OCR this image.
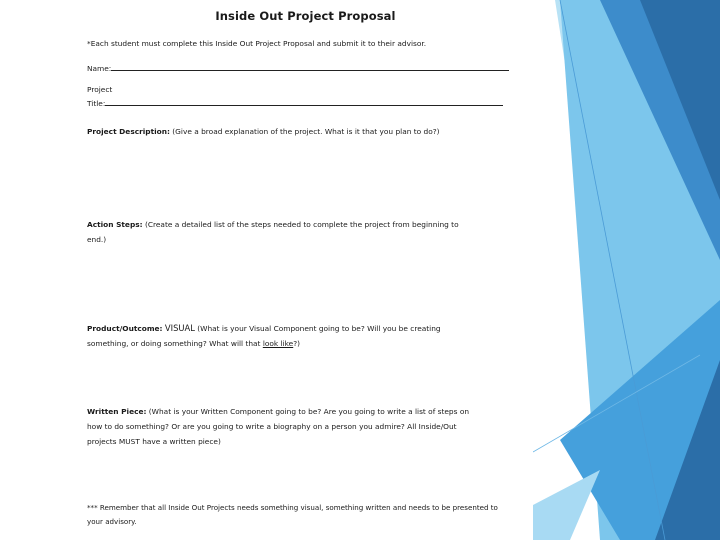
Inside Out Project Proposal
*Each student must complete this Inside Out Project Proposal and submit it to their advisor.
Name:
Project
Title:
Project Description: (Give a broad explanation of the project. What is it that you plan to do?)
Action Steps: (Create a detailed list of the steps needed to complete the project from beginning to
end.)
Product/Outcome: VISUAL (What is your Visual Component going to be? Will you be creating
something, or doing something? What will that look like?)
Written Piece: (What is your Written Component going to be? Are you going to write a list of steps on
how to do something? Or are you going to write a biography on a person you admire? All Inside/Out
projects MUST have a written piece)
*** Remember that all Inside Out Projects needs something visual, something written and needs to be presented to
your advisory.
